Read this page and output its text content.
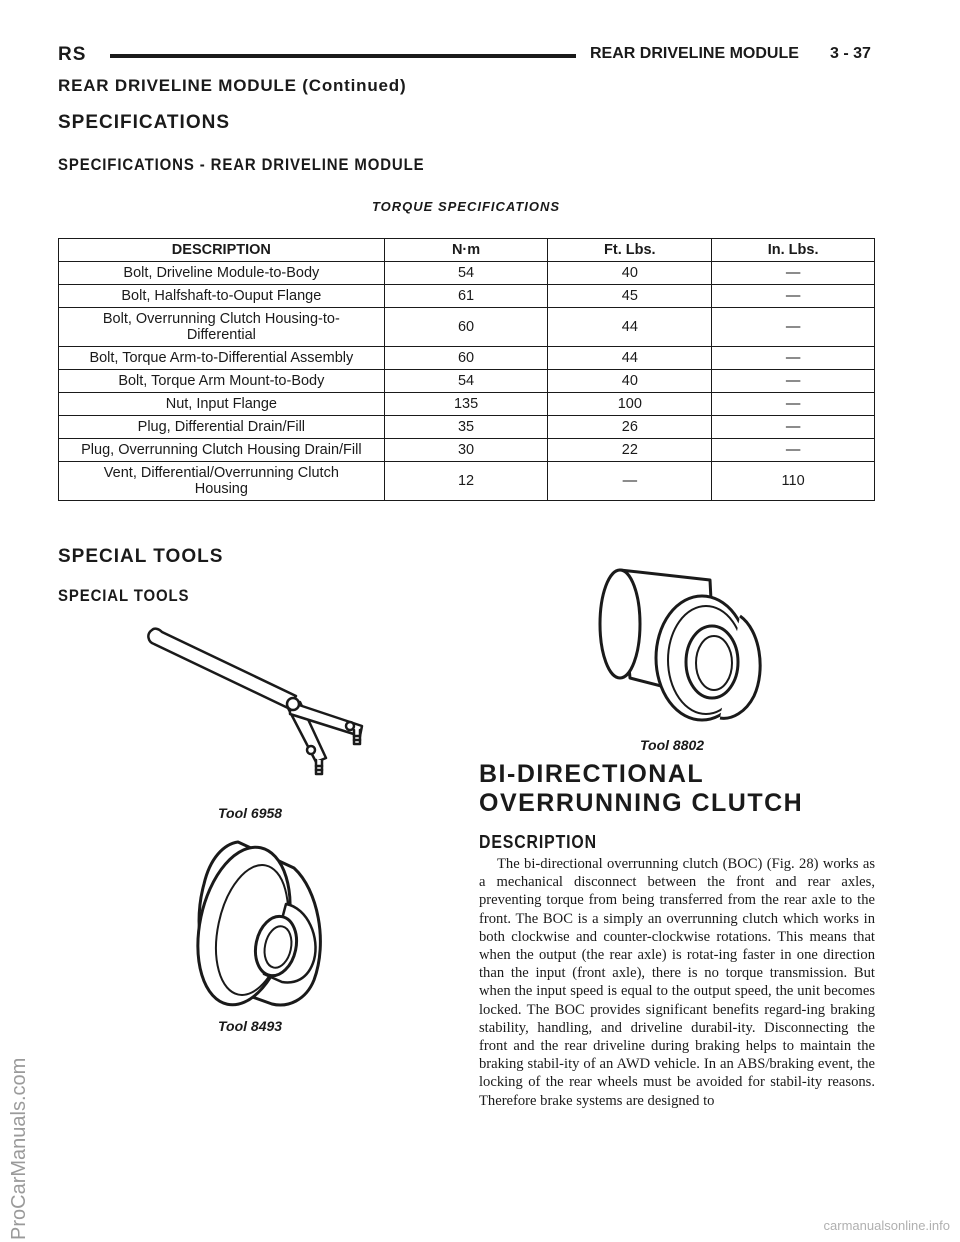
RS	REAR DRIVELINE MODULE 3 - 37
REAR DRIVELINE MODULE (Continued)
SPECIFICATIONS
SPECIFICATIONS - REAR DRIVELINE MODULE
TORQUE SPECIFICATIONS
DESCRIPTION	N·m	Ft. Lbs.	In. Lbs.
Bolt, Driveline Module-to-Body	54	40	—
Bolt, Halfshaft-to-Ouput Flange	61	45	—
Bolt, Overrunning Clutch Housing-to-
Differential	60	44	—
Bolt, Torque Arm-to-Differential Assembly	60	44	—
Bolt, Torque Arm Mount-to-Body	54	40	—
Nut, Input Flange	135	100	—
Plug, Differential Drain/Fill	35	26	—
Plug, Overrunning Clutch Housing Drain/Fill	30	22	—
Vent, Differential/Overrunning Clutch
Housing	12	—	110
SPECIAL TOOLS
SPECIAL TOOLS
Tool 6958
Tool 8493
Tool 8802
BI-DIRECTIONAL
OVERRUNNING CLUTCH
DESCRIPTION
The bi-directional overrunning clutch (BOC) (Fig. 28) works as a mechanical disconnect between the front and rear axles, preventing torque from being transferred from the rear axle to the front. The BOC is a simply an overrunning clutch which works in both clockwise and counter-clockwise rotations. This means that when the output (the rear axle) is rotat-ing faster in one direction than the input (front axle), there is no torque transmission. But when the input speed is equal to the output speed, the unit becomes locked. The BOC provides significant benefits regard-ing braking stability, handling, and driveline durabil-ity. Disconnecting the front and the rear driveline during braking helps to maintain the braking stabil-ity of an AWD vehicle. In an ABS/braking event, the locking of the rear wheels must be avoided for stabil-ity reasons. Therefore brake systems are designed to
ProCarManuals.com	carmanualsonline.info
